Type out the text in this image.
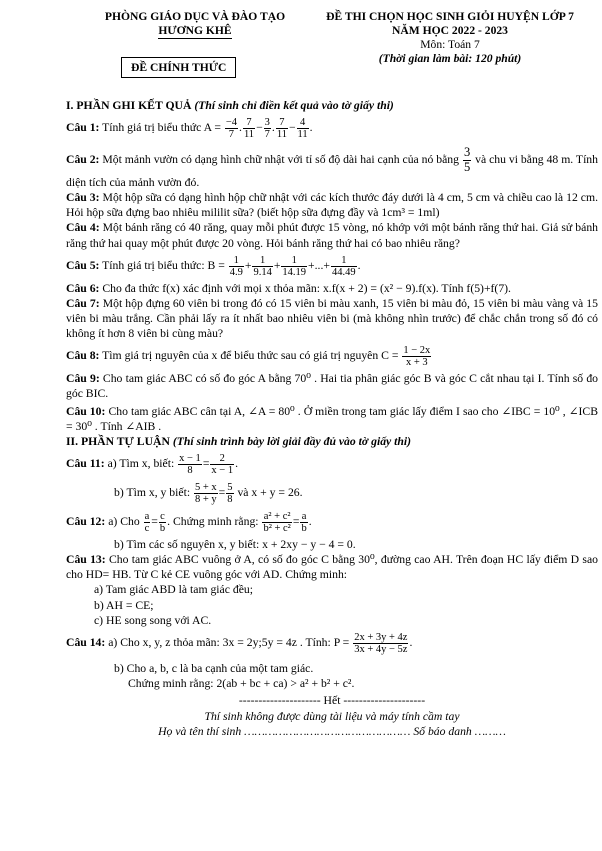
PHÒNG GIÁO DỤC VÀ ĐÀO TẠO
HƯƠNG KHÊ
ĐỀ THI CHỌN HỌC SINH GIỎI HUYỆN LỚP 7
NĂM HỌC 2022 - 2023
Môn: Toán 7
(Thời gian làm bài: 120 phút)
ĐỀ CHÍNH THỨC

I. PHẦN GHI KẾT QUẢ (Thí sinh chỉ điền kết quả vào tờ giấy thi)

Câu 1: Tính giá trị biểu thức $A = \frac{-4}{7}$ . $\frac{7}{11} - \frac{3}{7}$ . $\frac{7}{11} - \frac{4}{11}$ .

Câu 2: Một mảnh vườn có dạng hình chữ nhật với tỉ số độ dài hai cạnh của nó bằng $\frac{3}{5}$ và chu vi bằng 48 m. Tính diện tích của mảnh vườn đó.

Câu 3: Một hộp sữa có dạng hình hộp chữ nhật với các kích thước đáy dưới là 4 cm, 5 cm và chiều cao là 12 cm. Hỏi hộp sữa đựng bao nhiêu mililit sữa? (biết hộp sữa đựng đầy và 1cm³ = 1ml)

Câu 4: Một bánh răng có 40 răng, quay mỗi phút được 15 vòng, nó khớp với một bánh răng thứ hai. Giả sử bánh răng thứ hai quay một phút được 20 vòng. Hỏi bánh răng thứ hai có bao nhiêu răng?

Câu 5: Tính giá trị biểu thức: $B = \frac{1}{4.9} + \frac{1}{9.14} + \frac{1}{14.19}$ +...+ $\frac{1}{44.49}$ .

Câu 6: Cho đa thức f(x) xác định với mọi x thỏa mãn: x.f(x + 2) = (x² − 9).f(x). Tính f(5)+f(7).

Câu 7: Một hộp đựng 60 viên bi trong đó có 15 viên bi màu xanh, 15 viên bi màu đỏ, 15 viên bi màu vàng và 15 viên bi màu trắng. Cần phải lấy ra ít nhất bao nhiêu viên bi (mà không nhìn trước) để chắc chắn trong số đó có không ít hơn 8 viên bi cùng màu?

Câu 8: Tìm giá trị nguyên của x để biểu thức sau có giá trị nguyên $C = \frac{1 - 2x}{x + 3}$

Câu 9: Cho tam giác ABC có số đo góc A bằng 70⁰ . Hai tia phân giác góc B và góc C cắt nhau tại I. Tính số đo góc BIC.

Câu 10: Cho tam giác ABC cân tại A, ∠A = 80⁰ . Ở miền trong tam giác lấy điểm I sao cho ∠IBC = 10⁰ , ∠ICB = 30⁰ . Tính ∠AIB .

II. PHẦN TỰ LUẬN (Thí sinh trình bày lời giải đầy đủ vào tờ giấy thi)

Câu 11: a) Tìm x, biết: $\frac{x - 1}{8} = \frac{2}{x - 1}$ .

b) Tìm x, y biết: $\frac{5 + x}{8 + y} = \frac{5}{8}$ và x + y = 26.

Câu 12: a) Cho $\frac{a}{c} = \frac{c}{b}$ . Chứng minh rằng: $\frac{\text{a² + c²}}{\text{b² + c²}} = \frac{a}{b}$ .

b) Tìm các số nguyên x, y biết: x + 2xy − y − 4 = 0.

Câu 13: Cho tam giác ABC vuông ở A, có số đo góc C bằng 30⁰, đường cao AH. Trên đoạn HC lấy điểm D sao cho HD= HB. Từ C kẻ CE vuông góc với AD. Chứng minh:

a) Tam giác ABD là tam giác đều;

b) AH = CE;

c) HE song song với AC.

Câu 14: a) Cho x, y, z thỏa mãn: 3x = 2y;5y = 4z . Tính: $P = \frac{2x + 3y + 4z}{3x + 4y - 5z}$ .

b) Cho a, b, c là ba cạnh của một tam giác.

Chứng minh rằng: 2(ab + bc + ca) > a² + b² + c².

--------------------- Hết ---------------------

Thí sinh không được dùng tài liệu và máy tính cầm tay

Họ và tên thí sinh ………………………………………… Số báo danh ………
